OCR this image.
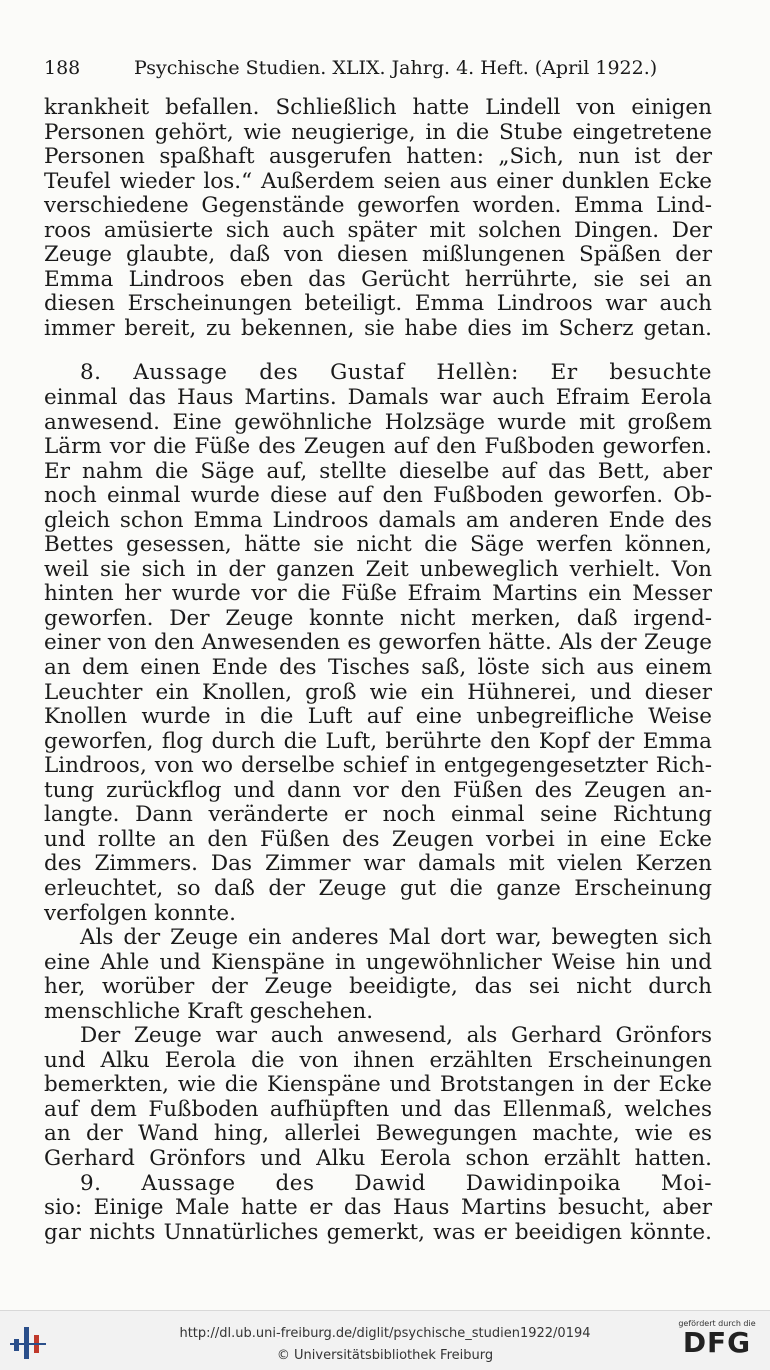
188	Psychische Studien. XLIX. Jahrg. 4. Heft. (April 1922.)
krankheit befallen. Schließlich hatte Lindell von einigen
Personen gehört, wie neugierige, in die Stube eingetretene
Personen spaßhaft ausgerufen hatten: „Sich, nun ist der
Teufel wieder los.“ Außerdem seien aus einer dunklen Ecke
verschiedene Gegenstände geworfen worden. Emma Lind-
roos amüsierte sich auch später mit solchen Dingen. Der
Zeuge glaubte, daß von diesen mißlungenen Späßen der
Emma Lindroos eben das Gerücht herrührte, sie sei an
diesen Erscheinungen beteiligt. Emma Lindroos war auch
immer bereit, zu bekennen, sie habe dies im Scherz getan.
8. Aussage des Gustaf Hellèn: Er besuchte
einmal das Haus Martins. Damals war auch Efraim Eerola
anwesend. Eine gewöhnliche Holzsäge wurde mit großem
Lärm vor die Füße des Zeugen auf den Fußboden geworfen.
Er nahm die Säge auf, stellte dieselbe auf das Bett, aber
noch einmal wurde diese auf den Fußboden geworfen. Ob-
gleich schon Emma Lindroos damals am anderen Ende des
Bettes gesessen, hätte sie nicht die Säge werfen können,
weil sie sich in der ganzen Zeit unbeweglich verhielt. Von
hinten her wurde vor die Füße Efraim Martins ein Messer
geworfen. Der Zeuge konnte nicht merken, daß irgend-
einer von den Anwesenden es geworfen hätte. Als der Zeuge
an dem einen Ende des Tisches saß, löste sich aus einem
Leuchter ein Knollen, groß wie ein Hühnerei, und dieser
Knollen wurde in die Luft auf eine unbegreifliche Weise
geworfen, flog durch die Luft, berührte den Kopf der Emma
Lindroos, von wo derselbe schief in entgegengesetzter Rich-
tung zurückflog und dann vor den Füßen des Zeugen an-
langte. Dann veränderte er noch einmal seine Richtung
und rollte an den Füßen des Zeugen vorbei in eine Ecke
des Zimmers. Das Zimmer war damals mit vielen Kerzen
erleuchtet, so daß der Zeuge gut die ganze Erscheinung
verfolgen konnte.
Als der Zeuge ein anderes Mal dort war, bewegten sich
eine Ahle und Kienspäne in ungewöhnlicher Weise hin und
her, worüber der Zeuge beeidigte, das sei nicht durch
menschliche Kraft geschehen.
Der Zeuge war auch anwesend, als Gerhard Grönfors
und Alku Eerola die von ihnen erzählten Erscheinungen
bemerkten, wie die Kienspäne und Brotstangen in der Ecke
auf dem Fußboden aufhüpften und das Ellenmaß, welches
an der Wand hing, allerlei Bewegungen machte, wie es
Gerhard Grönfors und Alku Eerola schon erzählt hatten.
9. Aussage des Dawid Dawidinpoika Moi-
sio: Einige Male hatte er das Haus Martins besucht, aber
gar nichts Unnatürliches gemerkt, was er beeidigen könnte.
http://dl.ub.uni-freiburg.de/diglit/psychische_studien1922/0194
© Universitätsbibliothek Freiburg
gefördert durch die
DFG
